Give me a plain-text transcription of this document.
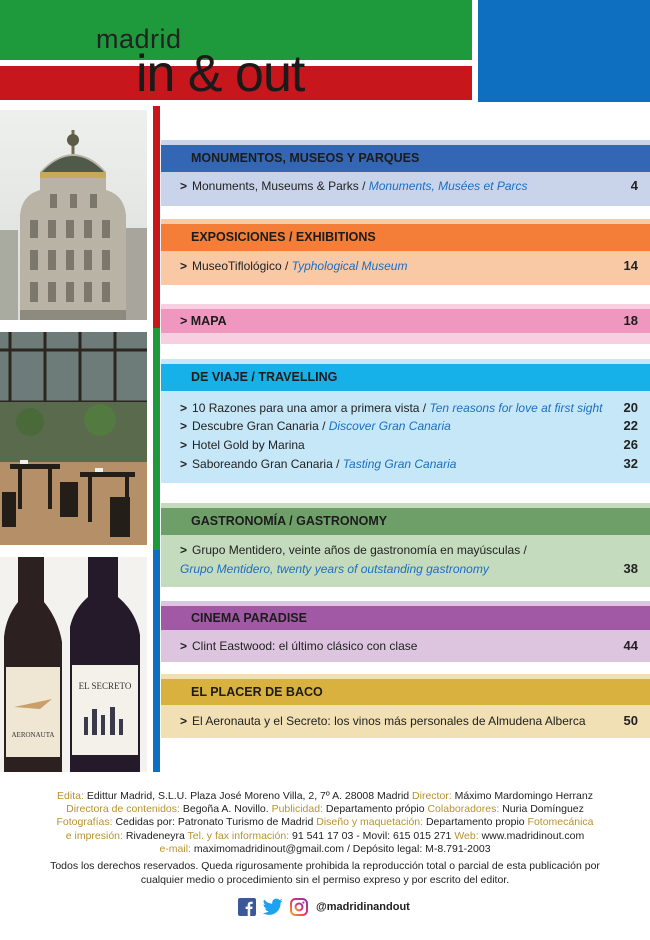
madrid
in & out
AERONAUTA
EL SECRETO
MONUMENTOS, MUSEOS Y PARQUES
> Monuments, Museums & Parks / Monuments, Musées et Parcs	4
EXPOSICIONES / EXHIBITIONS
> MuseoTiflológico / Typhological Museum	14
> MAPA	18
DE VIAJE / TRAVELLING
> 10 Razones para una amor a primera vista / Ten reasons for love at first sight 20
> Descubre Gran Canaria / Discover Gran Canaria	22
> Hotel Gold by Marina	26
> Saboreando Gran Canaria / Tasting Gran Canaria	32
GASTRONOMÍA / GASTRONOMY
> Grupo Mentidero, veinte años de gastronomía en mayúsculas /
Grupo Mentidero, twenty years of outstanding gastronomy	38
CINEMA PARADISE
> Clint Eastwood: el último clásico con clase	44
EL PLACER DE BACO
> El Aeronauta y el Secreto: los vinos más personales de Almudena Alberca	50
Edita: Edittur Madrid, S.L.U. Plaza José Moreno Villa, 2, 7º A. 28008 Madrid Director: Máximo Mardomingo Herranz
Directora de contenidos: Begoña A. Novillo. Publicidad: Departamento própio Colaboradores: Nuria Domínguez
Fotografías: Cedidas por: Patronato Turismo de Madrid Diseño y maquetación: Departamento propio Fotomecánica
e impresión: Rivadeneyra Tel. y fax información: 91 541 17 03 - Movil: 615 015 271 Web: www.madridinout.com
e-mail: maximomadridinout@gmail.com / Depósito legal: M-8.791-2003
Todos los derechos reservados. Queda rigurosamente prohibida la reproducción total o parcial de esta publicación por cualquier medio o procedimiento sin el permiso expreso y por escrito del editor.
@madridinandout
